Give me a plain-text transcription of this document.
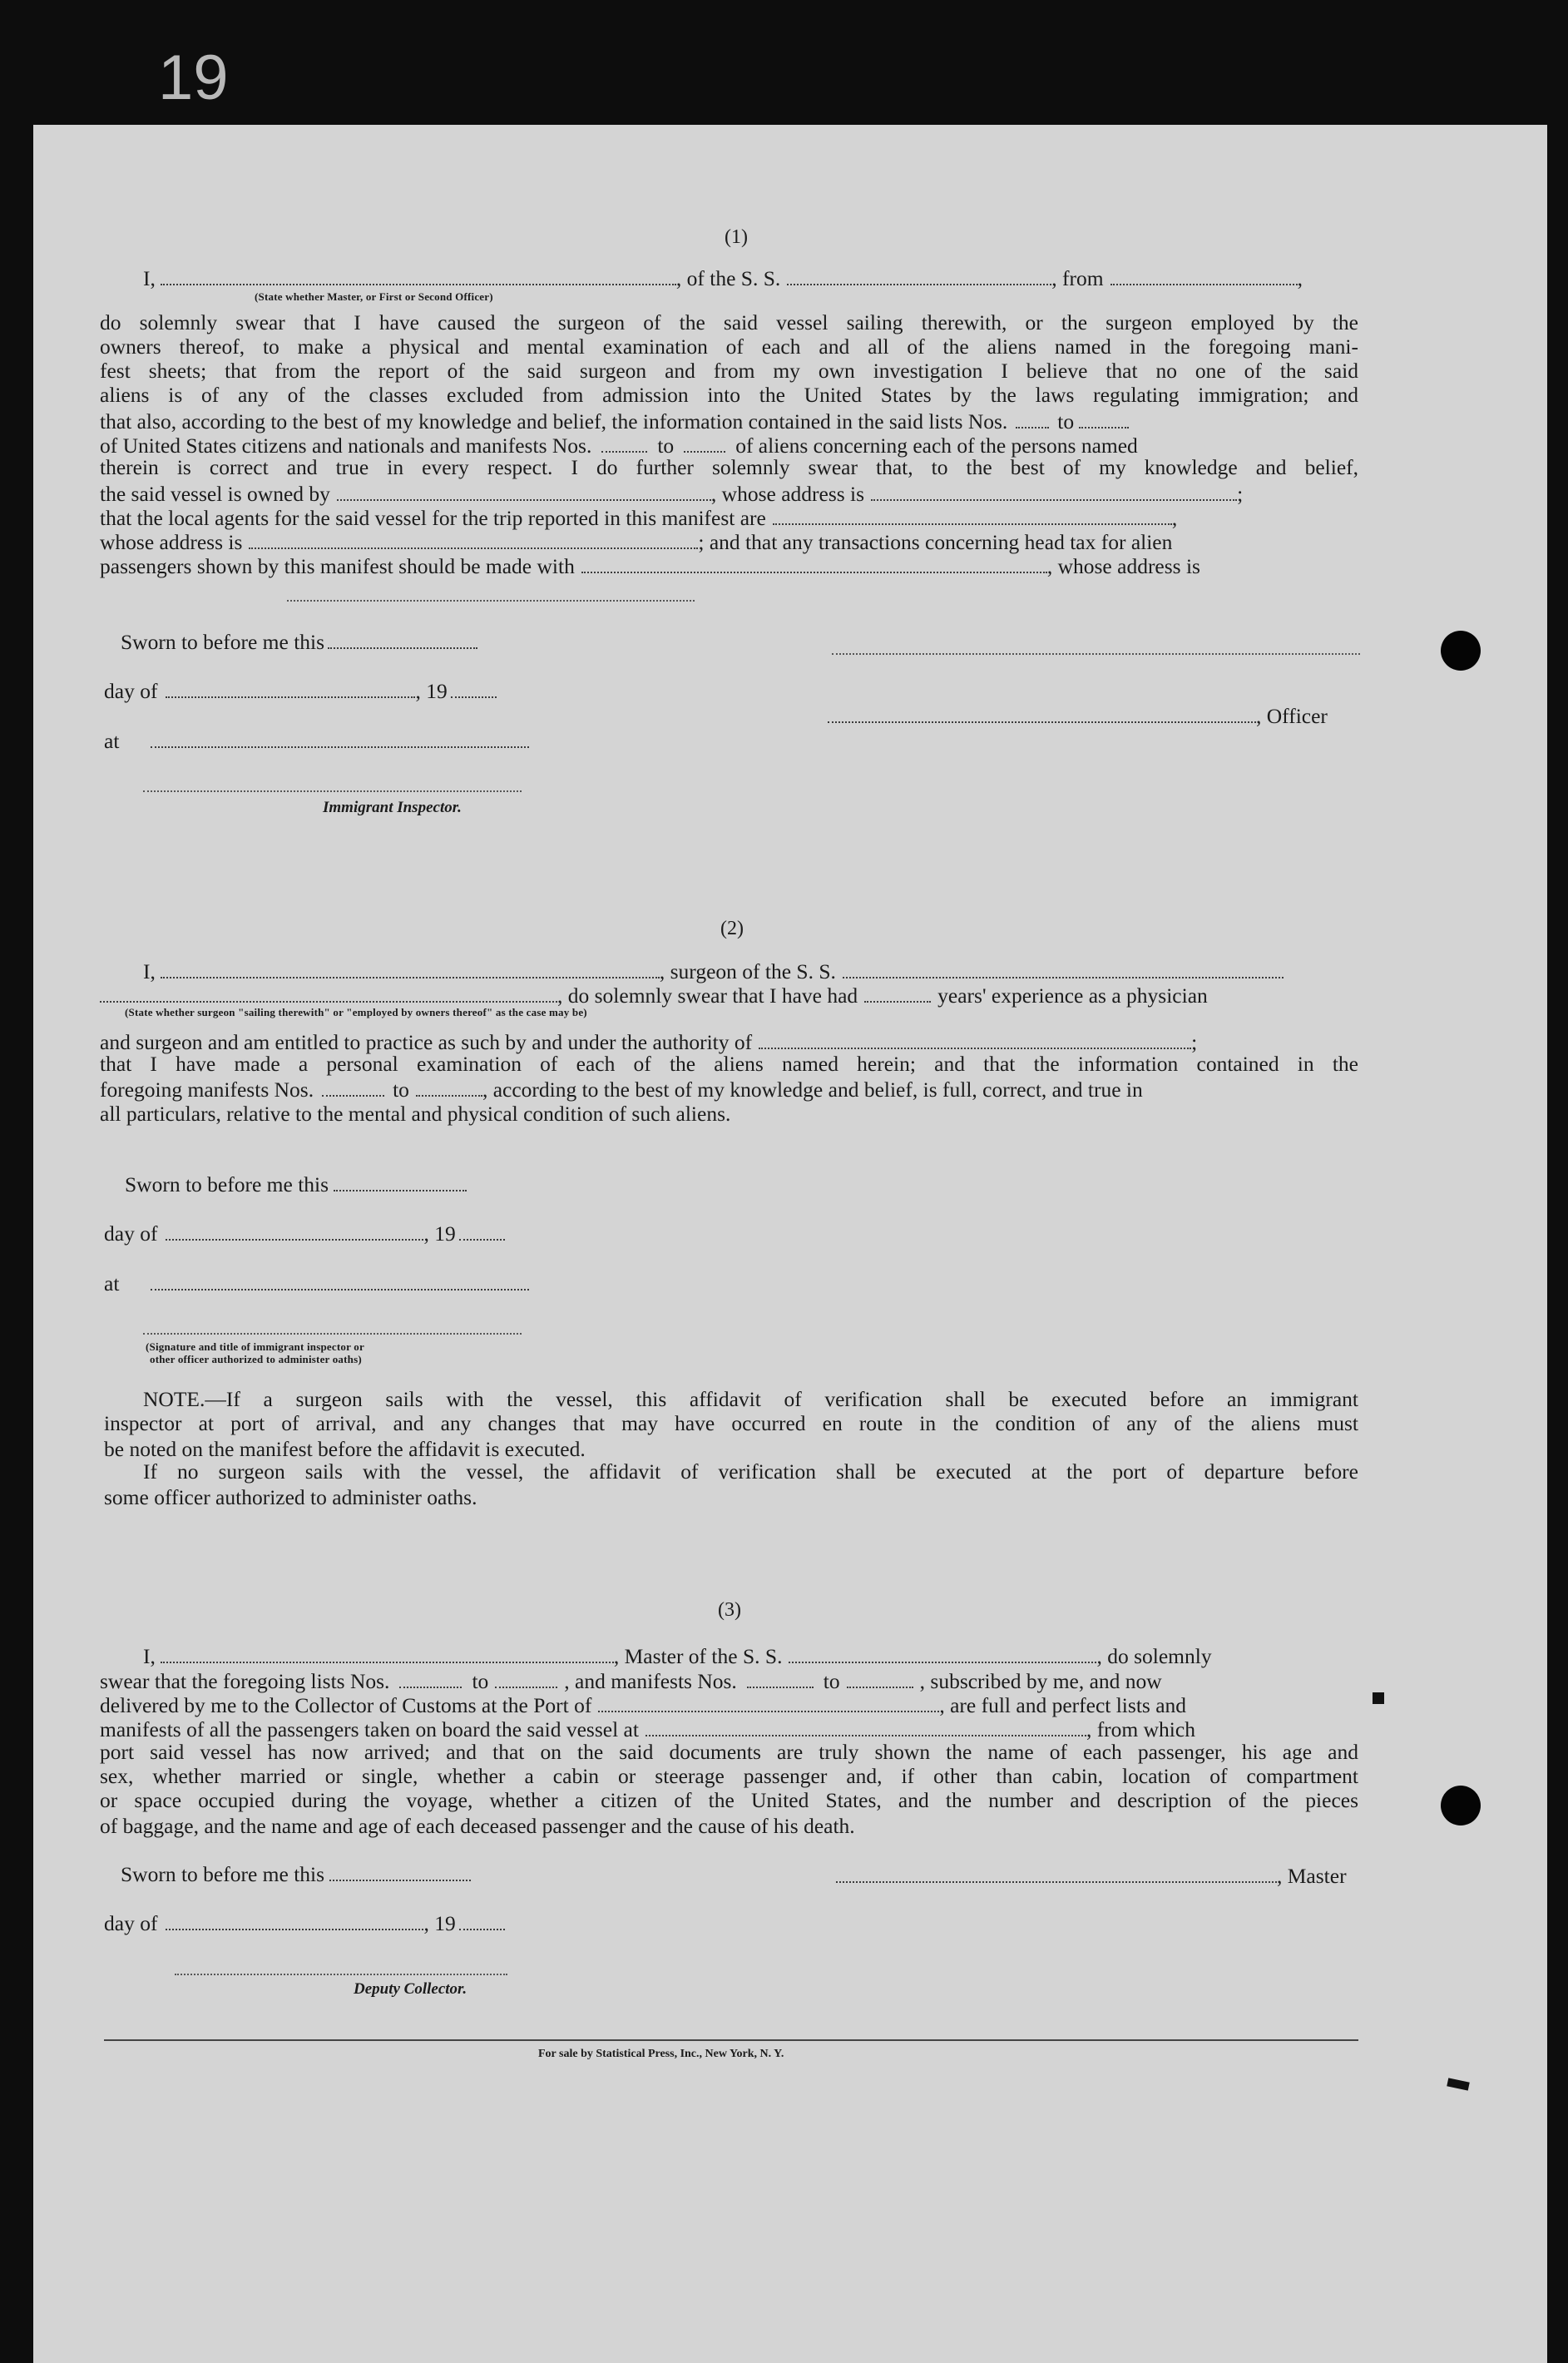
19

(1)
I,	, of the S. S.	, from	,
(State whether Master, or First or Second Officer)
do solemnly swear that I have caused the surgeon of the said vessel sailing therewith, or the surgeon employed by the
owners thereof, to make a physical and mental examination of each and all of the aliens named in the foregoing mani-
fest sheets; that from the report of the said surgeon and from my own investigation I believe that no one of the said
aliens is of any of the classes excluded from admission into the United States by the laws regulating immigration; and
that also, according to the best of my knowledge and belief, the information contained in the said lists Nos. to
of United States citizens and nationals and manifests Nos.	to	of aliens concerning each of the persons named
therein is correct and true in every respect. I do further solemnly swear that, to the best of my knowledge and belief,
the said vessel is owned by	, whose address is	;
that the local agents for the said vessel for the trip reported in this manifest are	,
whose address is	; and that any transactions concerning head tax for alien
passengers shown by this manifest should be made with	, whose address is
Sworn to before me this
day of	, 19
at
Immigrant Inspector.
, Officer
(2)
I,	, surgeon of the S. S.
, do solemnly swear that I have had	years' experience as a physician
(State whether surgeon "sailing therewith" or "employed by owners thereof" as the case may be)
and surgeon and am entitled to practice as such by and under the authority of	;
that I have made a personal examination of each of the aliens named herein; and that the information contained in the
foregoing manifests Nos.	to	, according to the best of my knowledge and belief, is full, correct, and true in
all particulars, relative to the mental and physical condition of such aliens.
Sworn to before me this
day of	, 19
at
(Signature and title of immigrant inspector or
other officer authorized to administer oaths)
NOTE.—If a surgeon sails with the vessel, this affidavit of verification shall be executed before an immigrant
inspector at port of arrival, and any changes that may have occurred en route in the condition of any of the aliens must
be noted on the manifest before the affidavit is executed.
If no surgeon sails with the vessel, the affidavit of verification shall be executed at the port of departure before
some officer authorized to administer oaths.
(3)
I,	, Master of the S. S.	, do solemnly
swear that the foregoing lists Nos.	to	, and manifests Nos.	to	, subscribed by me, and now
delivered by me to the Collector of Customs at the Port of	, are full and perfect lists and
manifests of all the passengers taken on board the said vessel at	, from which
port said vessel has now arrived; and that on the said documents are truly shown the name of each passenger, his age and
sex, whether married or single, whether a cabin or steerage passenger and, if other than cabin, location of compartment
or space occupied during the voyage, whether a citizen of the United States, and the number and description of the pieces
of baggage, and the name and age of each deceased passenger and the cause of his death.
Sworn to before me this	, Master
day of	, 19
Deputy Collector.
For sale by Statistical Press, Inc., New York, N. Y.
